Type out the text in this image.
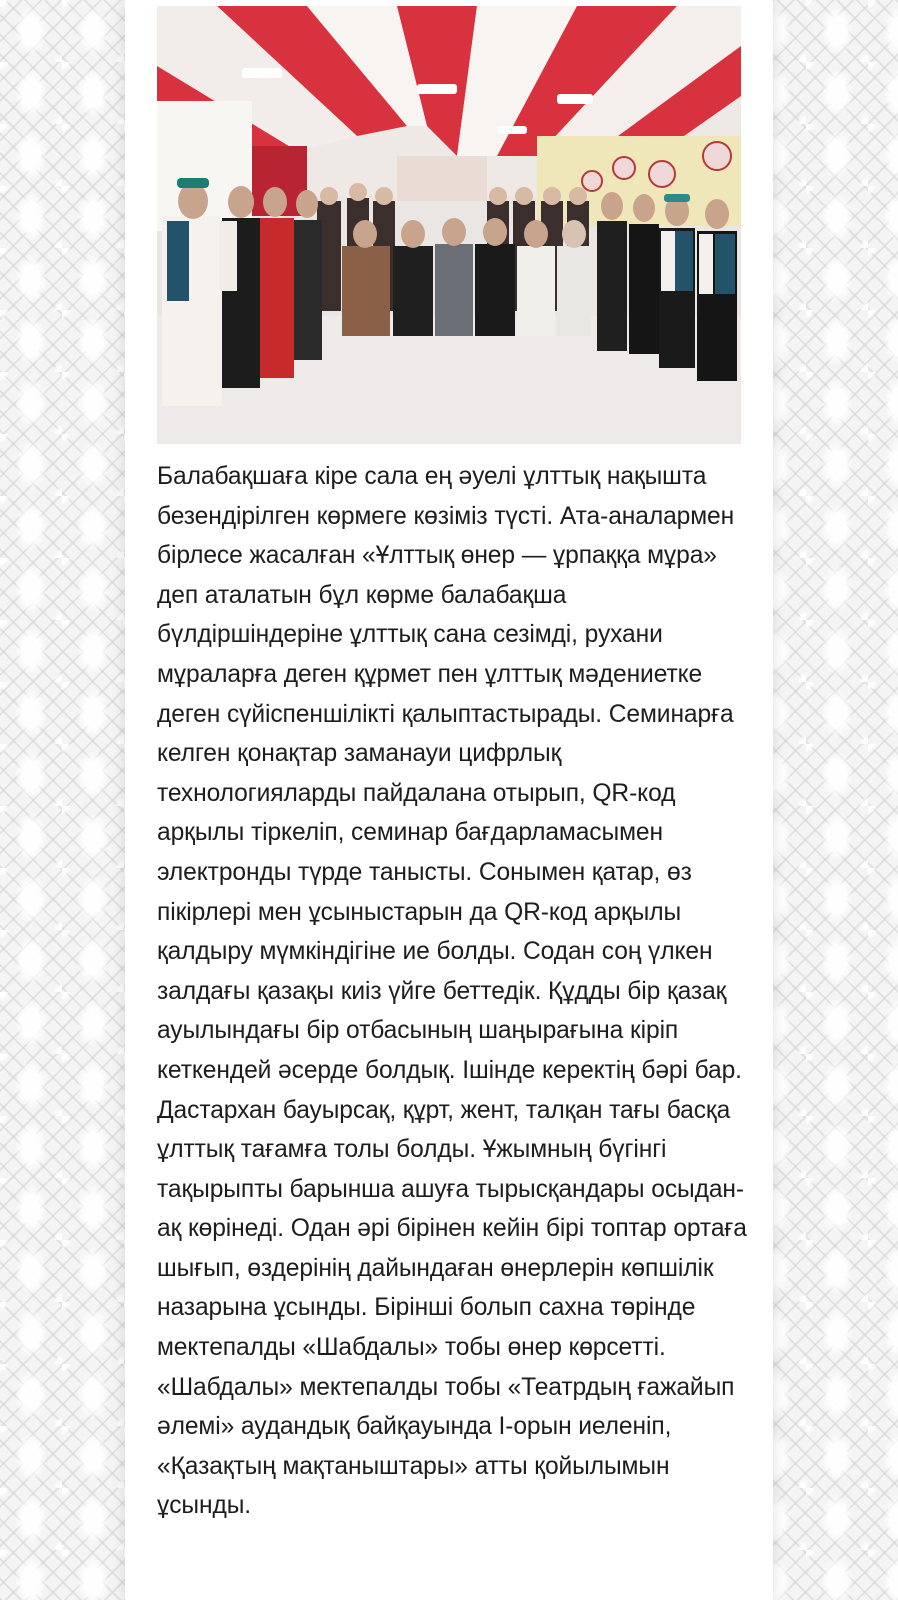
Балабақшаға кіре сала ең әуелі ұлттық нақышта безендірілген көрмеге көзіміз түсті. Ата-аналармен бірлесе жасалған «Ұлттық өнер — ұрпаққа мұра» деп аталатын бұл көрме балабақша бүлдіршіндеріне ұлттық сана сезімді, рухани мұраларға деген құрмет пен ұлттық мәдениетке деген сүйіспеншілікті қалыптастырады. Семинарға келген қонақтар заманауи цифрлық технологияларды пайдалана отырып, QR-код арқылы тіркеліп, семинар бағдарламасымен электронды түрде танысты. Сонымен қатар, өз пікірлері мен ұсыныстарын да QR-код арқылы қалдыру мүмкіндігіне ие болды. Содан соң үлкен залдағы қазақы киіз үйге беттедік. Құдды бір қазақ ауылындағы бір отбасының шаңырағына кіріп кеткендей әсерде болдық. Ішінде керектің бәрі бар. Дастархан бауырсақ, құрт, жент, талқан тағы басқа ұлттық тағамға толы болды. Ұжымның бүгінгі тақырыпты барынша ашуға тырысқандары осыдан-ақ көрінеді. Одан әрі бірінен кейін бірі топтар ортаға шығып, өздерінің дайындаған өнерлерін көпшілік назарына ұсынды. Бірінші болып сахна төрінде мектепалды «Шабдалы» тобы өнер көрсетті. «Шабдалы» мектепалды тобы «Театрдың ғажайып әлемі» аудандық байқауында І-орын иеленіп, «Қазақтың мақтаныштары» атты қойылымын ұсынды.
